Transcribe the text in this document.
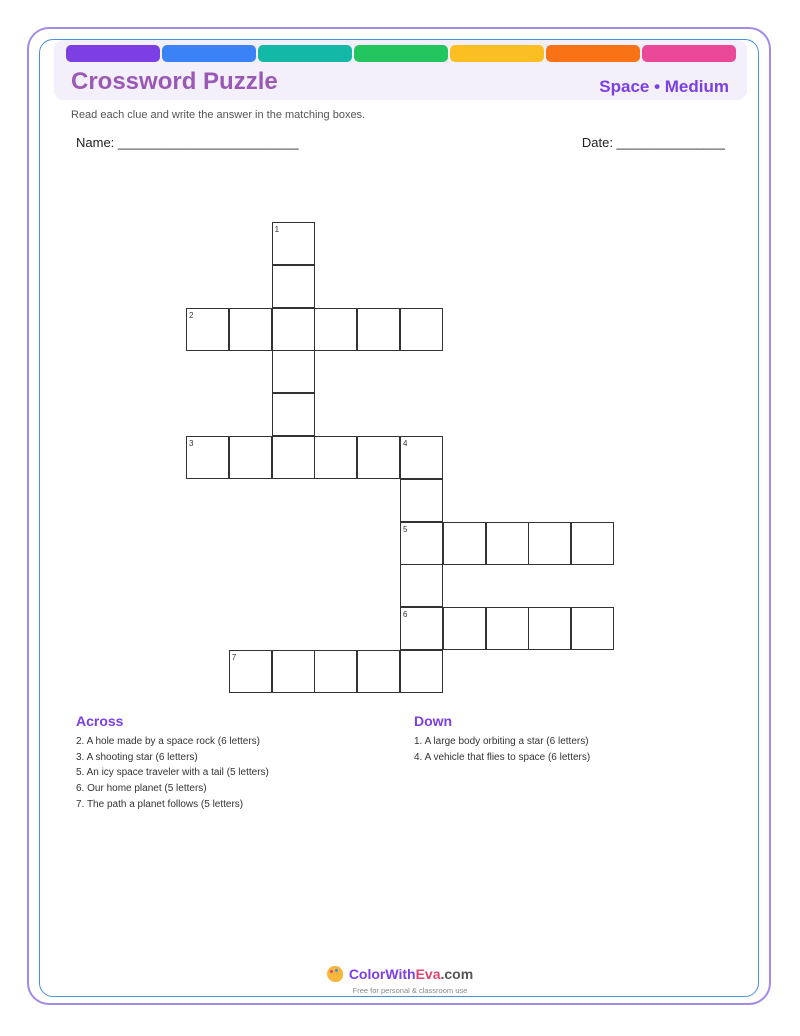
Crossword Puzzle	Space • Medium
Read each clue and write the answer in the matching boxes.
Name: _________________________	Date: _______________
1
2
3	4
5
6
7
Across
2. A hole made by a space rock (6 letters)
3. A shooting star (6 letters)
5. An icy space traveler with a tail (5 letters)
6. Our home planet (5 letters)
7. The path a planet follows (5 letters)
Down
1. A large body orbiting a star (6 letters)
4. A vehicle that flies to space (6 letters)
ColorWithEva.com
Free for personal & classroom use
